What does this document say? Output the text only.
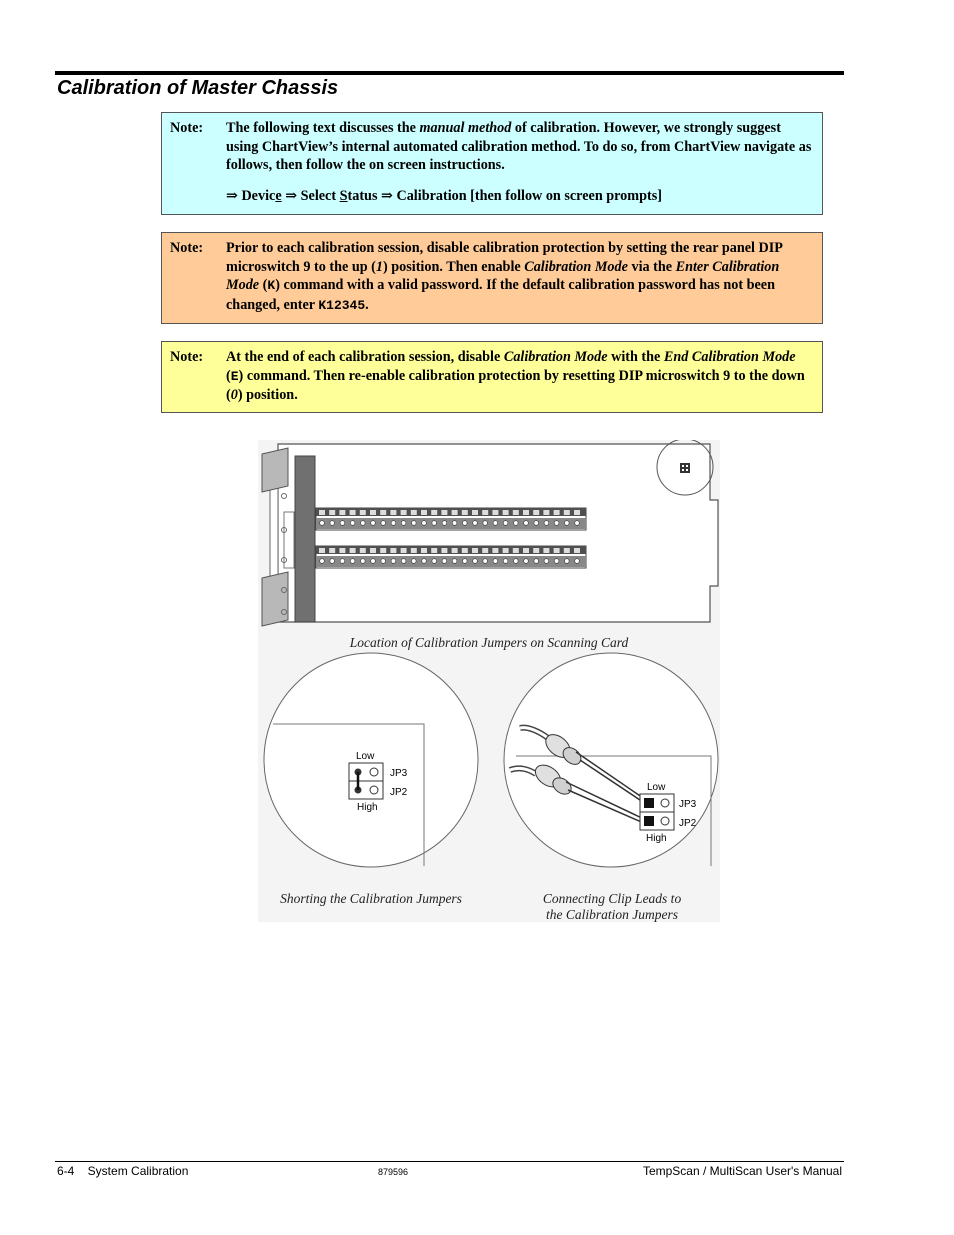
Calibration of Master Chassis
Note: The following text discusses the manual method of calibration. However, we strongly suggest using ChartView’s internal automated calibration method. To do so, from ChartView navigate as follows, then follow the on screen instructions.

⇒ Device ⇒ Select Status ⇒ Calibration [then follow on screen prompts]

Note: Prior to each calibration session, disable calibration protection by setting the rear panel DIP microswitch 9 to the up (1) position. Then enable Calibration Mode via the Enter Calibration Mode (K) command with a valid password. If the default calibration password has not been changed, enter K12345.

Note: At the end of each calibration session, disable Calibration Mode with the End Calibration Mode (E) command. Then re-enable calibration protection by resetting DIP microswitch 9 to the down (0) position.

Low
High
JP3
JP2	Low
High
JP3
JP2
Location of Calibration Jumpers on Scanning Card
Shorting the Calibration Jumpers	Connecting Clip Leads to
the Calibration Jumpers
6-4    System Calibration	879596	TempScan / MultiScan User's Manual
